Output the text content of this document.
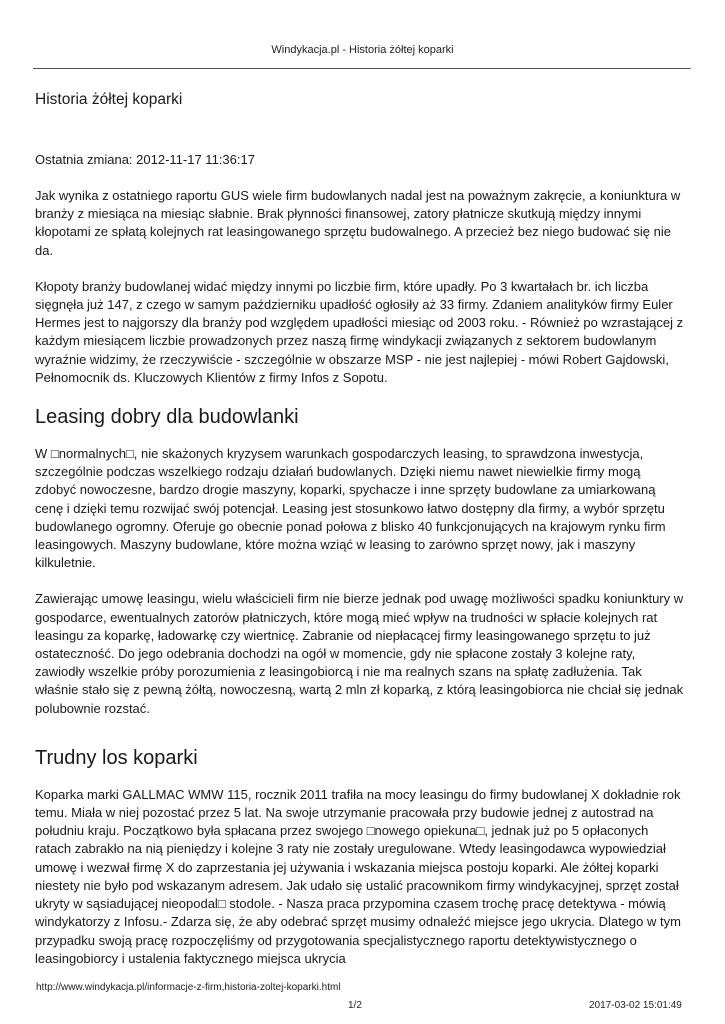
Windykacja.pl - Historia żółtej koparki
Historia żółtej koparki
Ostatnia zmiana: 2012-11-17 11:36:17

Jak wynika z ostatniego raportu GUS wiele firm budowlanych nadal jest na poważnym zakręcie, a koniunktura w branży z miesiąca na miesiąc słabnie. Brak płynności finansowej, zatory płatnicze skutkują między innymi kłopotami ze spłatą kolejnych rat leasingowanego sprzętu budowalnego. A przecież bez niego budować się nie da.

Kłopoty branży budowlanej widać między innymi po liczbie firm, które upadły. Po 3 kwartałach br. ich liczba sięgnęła już 147, z czego w samym październiku upadłość ogłosiły aż 33 firmy. Zdaniem analityków firmy Euler Hermes jest to najgorszy dla branży pod względem upadłości miesiąc od 2003 roku. - Również po wzrastającej z każdym miesiącem liczbie prowadzonych przez naszą firmę windykacji związanych z sektorem budowlanym wyraźnie widzimy, że rzeczywiście - szczególnie w obszarze MSP - nie jest najlepiej - mówi Robert Gajdowski, Pełnomocnik ds. Kluczowych Klientów z firmy Infos z Sopotu.

Leasing dobry dla budowlanki

W □normalnych□, nie skażonych kryzysem warunkach gospodarczych leasing, to sprawdzona inwestycja, szczególnie podczas wszelkiego rodzaju działań budowlanych. Dzięki niemu nawet niewielkie firmy mogą zdobyć nowoczesne, bardzo drogie maszyny, koparki, spychacze i inne sprzęty budowlane za umiarkowaną cenę i dzięki temu rozwijać swój potencjał. Leasing jest stosunkowo łatwo dostępny dla firmy, a wybór sprzętu budowlanego ogromny. Oferuje go obecnie ponad połowa z blisko 40 funkcjonujących na krajowym rynku firm leasingowych. Maszyny budowlane, które można wziąć w leasing to zarówno sprzęt nowy, jak i maszyny kilkuletnie.

Zawierając umowę leasingu, wielu właścicieli firm nie bierze jednak pod uwagę możliwości spadku koniunktury w gospodarce, ewentualnych zatorów płatniczych, które mogą mieć wpływ na trudności w spłacie kolejnych rat leasingu za koparkę, ładowarkę czy wiertnicę. Zabranie od niepłacącej firmy leasingowanego sprzętu to już ostateczność. Do jego odebrania dochodzi na ogół w momencie, gdy nie spłacone zostały 3 kolejne raty, zawiodły wszelkie próby porozumienia z leasingobiorcą i nie ma realnych szans na spłatę zadłużenia. Tak właśnie stało się z pewną żółtą, nowoczesną, wartą 2 mln zł koparką, z którą leasingobiorca nie chciał się jednak polubownie rozstać.

Trudny los koparki

Koparka marki GALLMAC WMW 115, rocznik 2011 trafiła na mocy leasingu do firmy budowlanej X dokładnie rok temu. Miała w niej pozostać przez 5 lat. Na swoje utrzymanie pracowała przy budowie jednej z autostrad na południu kraju. Początkowo była spłacana przez swojego □nowego opiekuna□, jednak już po 5 opłaconych ratach zabrakło na nią pieniędzy i kolejne 3 raty nie zostały uregulowane. Wtedy leasingodawca wypowiedział umowę i wezwał firmę X do zaprzestania jej używania i wskazania miejsca postoju koparki. Ale żółtej koparki niestety nie było pod wskazanym adresem. Jak udało się ustalić pracownikom firmy windykacyjnej, sprzęt został ukryty w sąsiadującej nieopodal□ stodole. - Nasza praca przypomina czasem trochę pracę detektywa - mówią windykatorzy z Infosu.- Zdarza się, że aby odebrać sprzęt musimy odnaleźć miejsce jego ukrycia. Dlatego w tym przypadku swoją pracę rozpoczęliśmy od przygotowania specjalistycznego raportu detektywistycznego o leasingobiorcy i ustalenia faktycznego miejsca ukrycia

http://www.windykacja.pl/informacje-z-firm,historia-zoltej-koparki.html
1/2	2017-03-02 15:01:49
